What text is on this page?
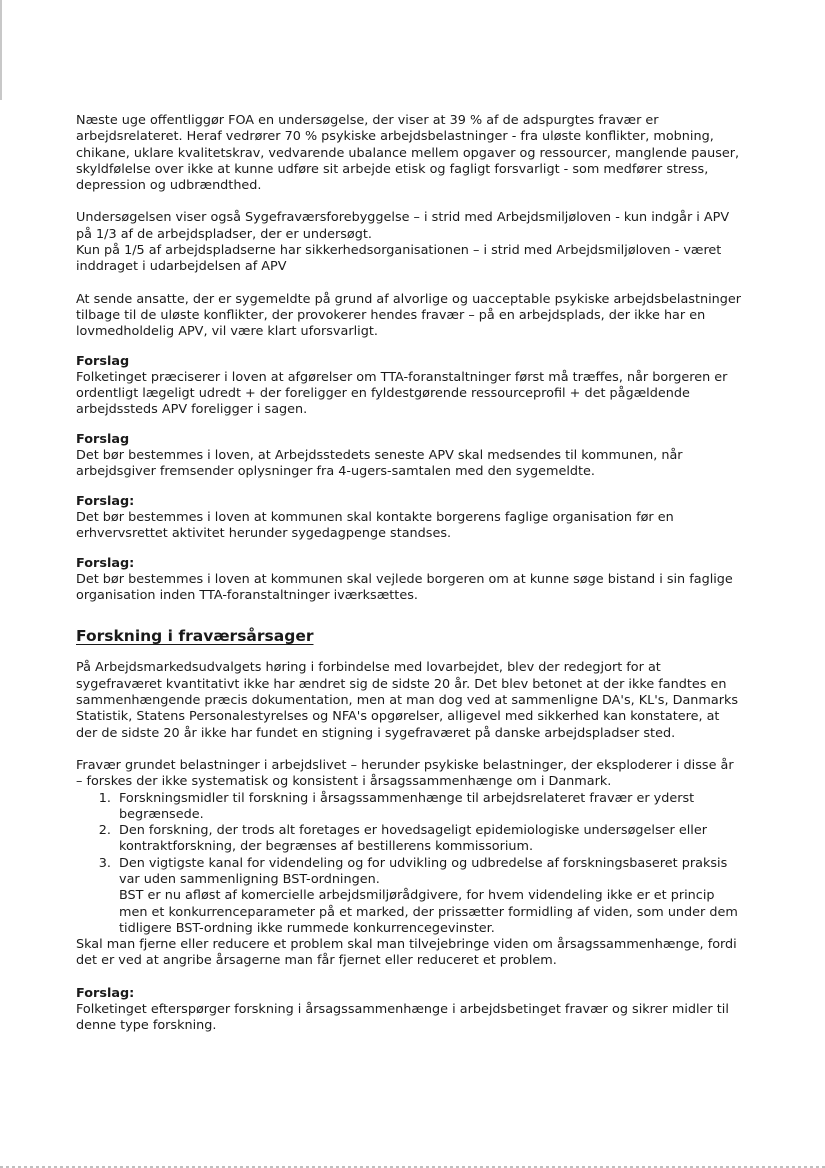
Næste uge offentliggør FOA en undersøgelse, der viser at 39 % af de adspurgtes fravær er arbejdsrelateret. Heraf vedrører 70 % psykiske arbejdsbelastninger - fra uløste konflikter, mobning, chikane, uklare kvalitetskrav, vedvarende ubalance mellem opgaver og ressourcer, manglende pauser, skyldfølelse over ikke at kunne udføre sit arbejde etisk og fagligt forsvarligt - som medfører stress, depression og udbrændthed.

Undersøgelsen viser også Sygefraværsforebyggelse – i strid med Arbejdsmiljøloven - kun indgår i APV på 1/3 af de arbejdspladser, der er undersøgt.

Kun på 1/5 af arbejdspladserne har sikkerhedsorganisationen – i strid med Arbejdsmiljøloven - været inddraget i udarbejdelsen af APV

At sende ansatte, der er sygemeldte på grund af alvorlige og uacceptable psykiske arbejdsbelastninger tilbage til de uløste konflikter, der provokerer hendes fravær – på en arbejdsplads, der ikke har en lovmedholdelig APV, vil være klart uforsvarligt.

Forslag

Folketinget præciserer i loven at afgørelser om TTA-foranstaltninger først må træffes, når borgeren er ordentligt lægeligt udredt + der foreligger en fyldestgørende ressourceprofil + det pågældende arbejdssteds APV foreligger i sagen.

Forslag

Det bør bestemmes i loven, at Arbejdsstedets seneste APV skal medsendes til kommunen, når arbejdsgiver fremsender oplysninger fra 4-ugers-samtalen med den sygemeldte.

Forslag:

Det bør bestemmes i loven at kommunen skal kontakte borgerens faglige organisation før en erhvervsrettet aktivitet herunder sygedagpenge standses.

Forslag:

Det bør bestemmes i loven at kommunen skal vejlede borgeren om at kunne søge bistand i sin faglige organisation inden TTA-foranstaltninger iværksættes.

Forskning i fraværsårsager

På Arbejdsmarkedsudvalgets høring i forbindelse med lovarbejdet, blev der redegjort for at sygefraværet kvantitativt ikke har ændret sig de sidste 20 år. Det blev betonet at der ikke fandtes en sammenhængende præcis dokumentation, men at man dog ved at sammenligne DA's, KL's, Danmarks Statistik, Statens Personalestyrelses og NFA's opgørelser, alligevel med sikkerhed kan konstatere, at der de sidste 20 år ikke har fundet en stigning i sygefraværet på danske arbejdspladser sted.

Fravær grundet belastninger i arbejdslivet – herunder psykiske belastninger, der eksploderer i disse år – forskes der ikke systematisk og konsistent i årsagssammenhænge om i Danmark.

1. Forskningsmidler til forskning i årsagssammenhænge til arbejdsrelateret fravær er yderst begrænsede.
2. Den forskning, der trods alt foretages er hovedsageligt epidemiologiske undersøgelser eller kontraktforskning, der begrænses af bestillerens kommissorium.
3. Den vigtigste kanal for videndeling og for udvikling og udbredelse af forskningsbaseret praksis var uden sammenligning BST-ordningen.

BST er nu afløst af komercielle arbejdsmiljørådgivere, for hvem videndeling ikke er et princip men et konkurrenceparameter på et marked, der prissætter formidling af viden, som under dem tidligere BST-ordning ikke rummede konkurrencegevinster.

Skal man fjerne eller reducere et problem skal man tilvejebringe viden om årsagssammenhænge, fordi det er ved at angribe årsagerne man får fjernet eller reduceret et problem.

Forslag:

Folketinget efterspørger forskning i årsagssammenhænge i arbejdsbetinget fravær og sikrer midler til denne type forskning.
